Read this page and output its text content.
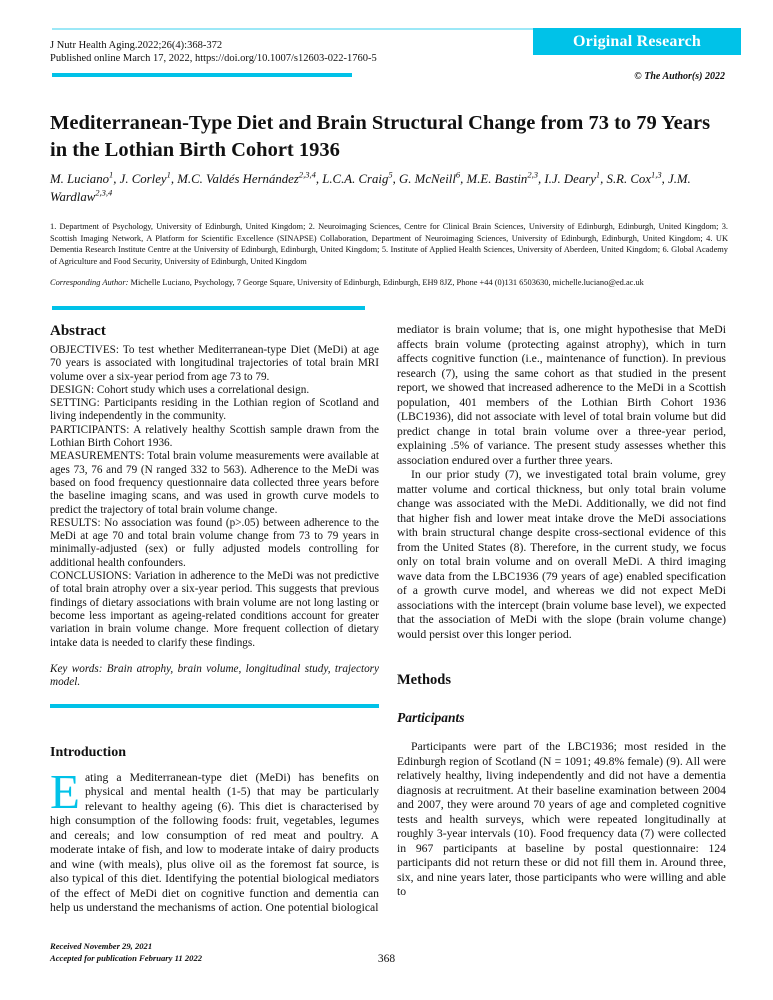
Original Research
J Nutr Health Aging.2022;26(4):368-372
Published online March 17, 2022, https://doi.org/10.1007/s12603-022-1760-5
© The Author(s) 2022
Mediterranean-Type Diet and Brain Structural Change from 73 to 79 Years in the Lothian Birth Cohort 1936
M. Luciano$^1$, J. Corley$^1$, M.C. Valdés Hernández$^{2,3,4}$, L.C.A. Craig$^5$, G. McNeill$^6$, M.E. Bastin$^{2,3}$, I.J. Deary$^1$, S.R. Cox$^{1,3}$, J.M. Wardlaw$^{2,3,4}$
1. Department of Psychology, University of Edinburgh, United Kingdom; 2. Neuroimaging Sciences, Centre for Clinical Brain Sciences, University of Edinburgh, Edinburgh, United Kingdom; 3. Scottish Imaging Network, A Platform for Scientific Excellence (SINAPSE) Collaboration, Department of Neuroimaging Sciences, University of Edinburgh, Edinburgh, United Kingdom; 4. UK Dementia Research Institute Centre at the University of Edinburgh, Edinburgh, United Kingdom; 5. Institute of Applied Health Sciences, University of Aberdeen, United Kingdom; 6. Global Academy of Agriculture and Food Security, University of Edinburgh, United Kingdom
Corresponding Author: Michelle Luciano, Psychology, 7 George Square, University of Edinburgh, Edinburgh, EH9 8JZ, Phone +44 (0)131 6503630, michelle.luciano@ed.ac.uk
Abstract

OBJECTIVES: To test whether Mediterranean-type Diet (MeDi) at age 70 years is associated with longitudinal trajectories of total brain MRI volume over a six-year period from age 73 to 79.

DESIGN: Cohort study which uses a correlational design.

SETTING: Participants residing in the Lothian region of Scotland and living independently in the community.

PARTICIPANTS: A relatively healthy Scottish sample drawn from the Lothian Birth Cohort 1936.

MEASUREMENTS: Total brain volume measurements were available at ages 73, 76 and 79 (N ranged 332 to 563). Adherence to the MeDi was based on food frequency questionnaire data collected three years before the baseline imaging scans, and was used in growth curve models to predict the trajectory of total brain volume change.

RESULTS: No association was found (p>.05) between adherence to the MeDi at age 70 and total brain volume change from 73 to 79 years in minimally-adjusted (sex) or fully adjusted models controlling for additional health confounders.

CONCLUSIONS: Variation in adherence to the MeDi was not predictive of total brain atrophy over a six-year period. This suggests that previous findings of dietary associations with brain volume are not long lasting or become less important as ageing-related conditions account for greater variation in brain volume change. More frequent collection of dietary intake data is needed to clarify these findings.

Key words: Brain atrophy, brain volume, longitudinal study, trajectory model.

Introduction

Eating a Mediterranean-type diet (MeDi) has benefits on physical and mental health (1-5) that may be particularly relevant to healthy ageing (6). This diet is characterised by high consumption of the following foods: fruit, vegetables, legumes and cereals; and low consumption of red meat and poultry. A moderate intake of fish, and low to moderate intake of dairy products and wine (with meals), plus olive oil as the foremost fat source, is also typical of this diet. Identifying the potential biological mediators of the effect of MeDi diet on cognitive function and dementia can help us understand the mechanisms of action. One potential biological

mediator is brain volume; that is, one might hypothesise that MeDi affects brain volume (protecting against atrophy), which in turn affects cognitive function (i.e., maintenance of function). In previous research (7), using the same cohort as that studied in the present report, we showed that increased adherence to the MeDi in a Scottish population, 401 members of the Lothian Birth Cohort 1936 (LBC1936), did not associate with level of total brain volume but did predict change in total brain volume over a three-year period, explaining .5% of variance. The present study assesses whether this association endured over a further three years.

In our prior study (7), we investigated total brain volume, grey matter volume and cortical thickness, but only total brain volume change was associated with the MeDi. Additionally, we did not find that higher fish and lower meat intake drove the MeDi associations with brain structural change despite cross-sectional evidence of this from the United States (8). Therefore, in the current study, we focus only on total brain volume and on overall MeDi. A third imaging wave data from the LBC1936 (79 years of age) enabled specification of a growth curve model, and whereas we did not expect MeDi associations with the intercept (brain volume base level), we expected that the association of MeDi with the slope (brain volume change) would persist over this longer period.

Methods
Participants

Participants were part of the LBC1936; most resided in the Edinburgh region of Scotland (N = 1091; 49.8% female) (9). All were relatively healthy, living independently and did not have a dementia diagnosis at recruitment. At their baseline examination between 2004 and 2007, they were around 70 years of age and completed cognitive tests and health surveys, which were repeated longitudinally at roughly 3-year intervals (10). Food frequency data (7) were collected in 967 participants at baseline by postal questionnaire: 124 participants did not return these or did not fill them in. Around three, six, and nine years later, those participants who were willing and able to

Received November 29, 2021
Accepted for publication February 11 2022	368
